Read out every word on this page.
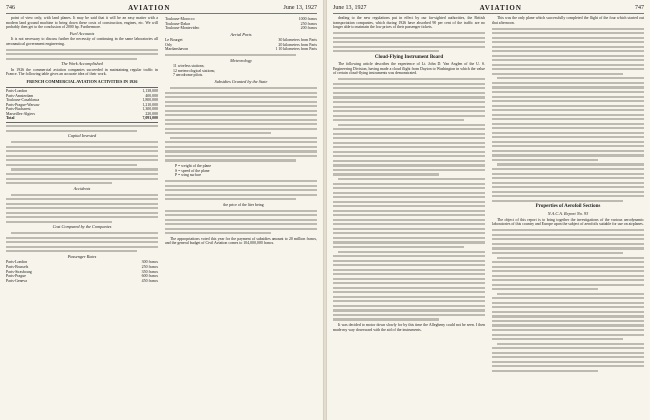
746	AVIATION	June 13, 1927

point of view only, with land planes. It may be said that it will be an easy matter with a modern land ground machine to bring down these costs of construction, engines, etc. We will probably then get to the conclusion of 2000 hp. Furthermore.

Fuel Accounts

It is not necessary to discuss further the necessity of continuing in the same laboratories all aeronautical government engineering.

The Work Accomplished

In 1926 the commercial aviation companies succeeded in maintaining regular traffic in France. The following table gives an accurate idea of their work.

FRENCH COMMERCIAL AVIATION ACTIVITIES IN 1926
Paris-London	1,138,000
Paris-Amsterdam	400,000
Toulouse-Casablanca	1,800,000
Paris-Prague-Warsaw	1,210,000
Paris-Bucharest	1,300,000
Marseilles-Algiers	220,000
Total	7,093,000
Capital Invested
Accidents
Cost Compared by the Companies
Passenger Rates
Paris-London	300 francs
Paris-Brussels	250 francs
Paris-Strasbourg	350 francs
Paris-Prague	600 francs
Paris-Geneva	450 francs
Toulouse-Morocco	1000 francs
Toulouse-Dakar	250 francs
Toulouse-Montevideo	200 francs
Aerial Ports
Le Bourget	30 kilometers from Paris
Orly	20 kilometers from Paris
Mardanshavon	1 10 kilometers from Paris
Meteorology
11 wireless stations;
12 meteorological stations;
7 aerodrome pilots.
Subsidies Granted by the State
P = weight of the plane
S = speed of the plane
P = wing surface

the price of the liter being

The appropriations voted this year for the payment of subsidies amount to 20 million francs, and the general budget of Civil Aviation comes to 104,000,000 francs.

June 13, 1927	AVIATION	747

dealing to the new regulations put in effect by our far-sighted authorities, the British transportation companies, which during 1926 have absorbed 90 per cent of the traffic are no longer able to maintain the low prices of their passenger tickets.

Cloud-Flying Instrument Board

The following article describes the experience of Lt. John D. Van Anglen of the U. S. Engineering Division, having made a cloud flight from Dayton to Washington in which the value of certain cloud-flying instruments was demonstrated.

It was decided to motor down slowly for by this time the Allegheny could not be seen. I then made my way downward with the aid of the instruments.

This was the only plane which successfully completed the flight of the four which started out that afternoon.

Properties of Aerofoil Sections
N.A.C.A. Report No. 93

The object of this report is to bring together the investigations of the various aerodynamic laboratories of this country and Europe upon the subject of aerofoils suitable for use on airplanes.
